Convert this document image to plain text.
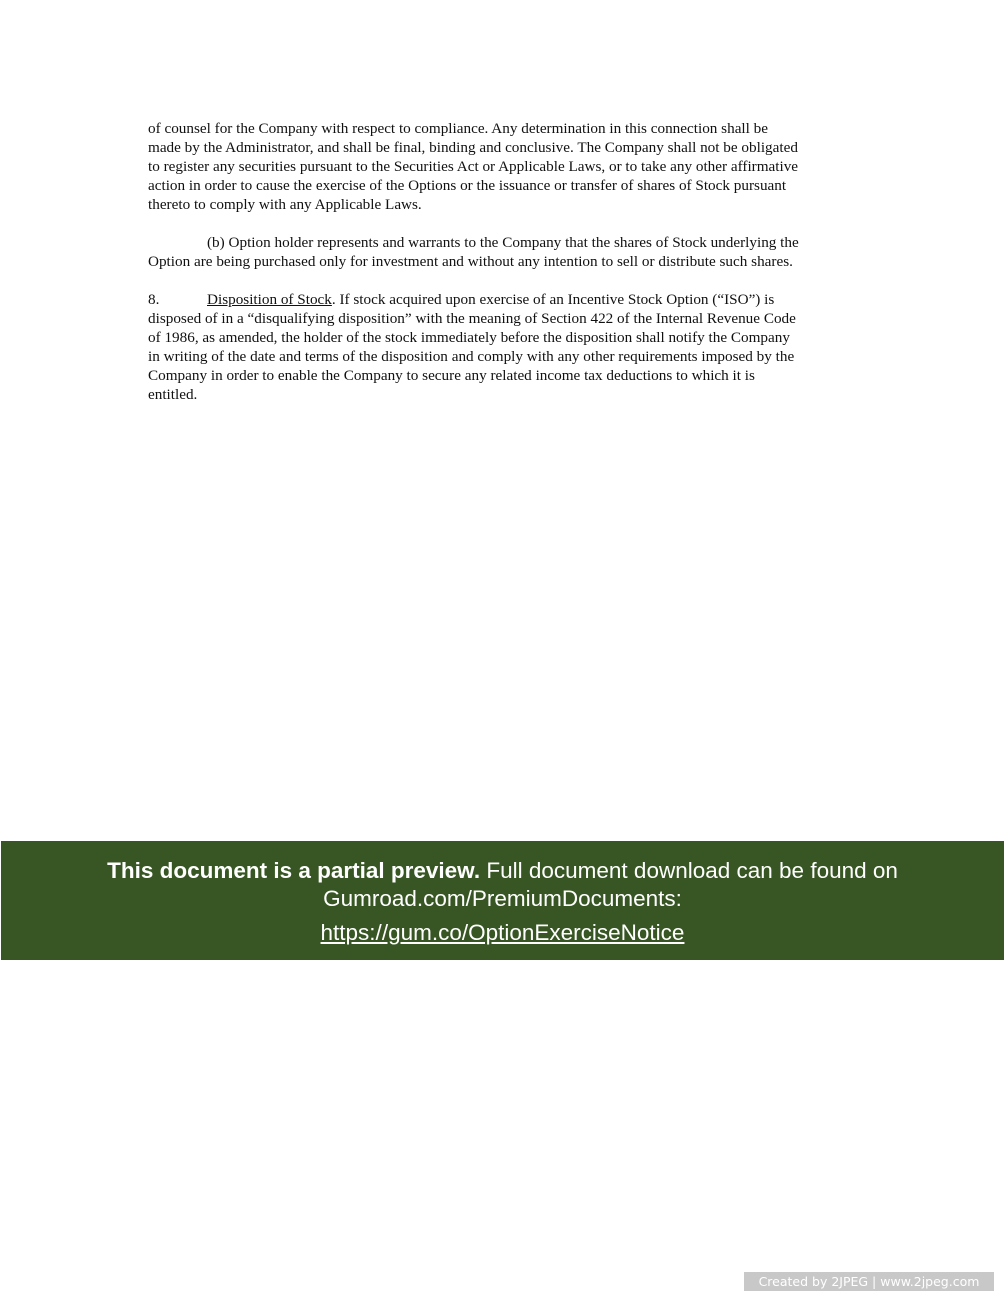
of counsel for the Company with respect to compliance. Any determination in this connection shall be
made by the Administrator, and shall be final, binding and conclusive. The Company shall not be obligated
to register any securities pursuant to the Securities Act or Applicable Laws, or to take any other affirmative
action in order to cause the exercise of the Options or the issuance or transfer of shares of Stock pursuant
thereto to comply with any Applicable Laws.
(b) Option holder represents and warrants to the Company that the shares of Stock underlying the
Option are being purchased only for investment and without any intention to sell or distribute such shares.
8.	Disposition of Stock. If stock acquired upon exercise of an Incentive Stock Option (“ISO”) is
disposed of in a “disqualifying disposition” with the meaning of Section 422 of the Internal Revenue Code
of 1986, as amended, the holder of the stock immediately before the disposition shall notify the Company
in writing of the date and terms of the disposition and comply with any other requirements imposed by the
Company in order to enable the Company to secure any related income tax deductions to which it is
entitled.
This document is a partial preview. Full document download can be found on
Gumroad.com/PremiumDocuments:
https://gum.co/OptionExerciseNotice
Created by 2JPEG | www.2jpeg.com
